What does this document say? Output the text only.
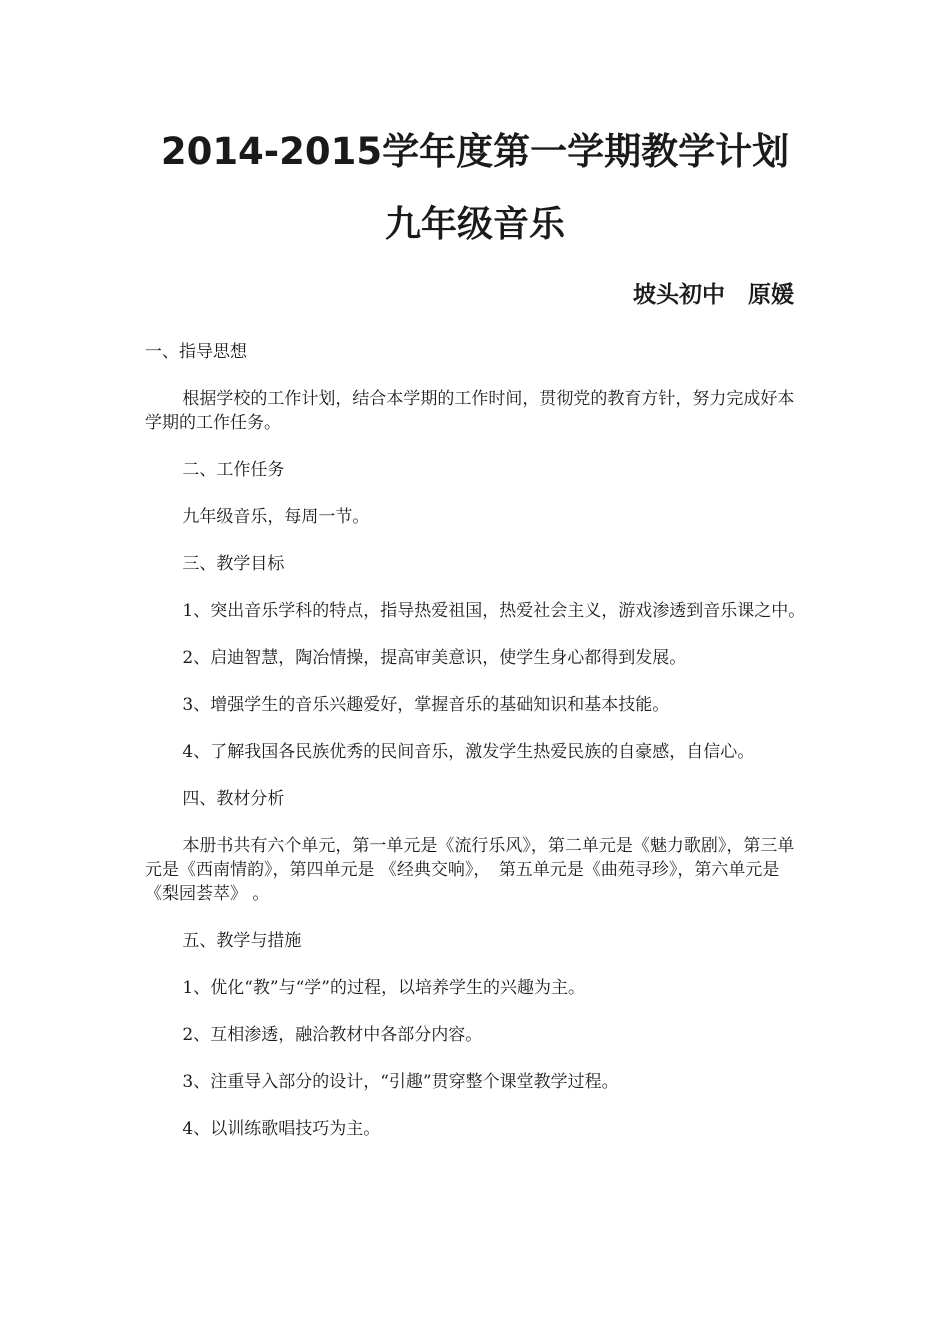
2014-2015学年度第一学期教学计划
九年级音乐
坡头初中　原媛

一、指导思想

根据学校的工作计划，结合本学期的工作时间，贯彻党的教育方针，努力完成好本学期的工作任务。

二、工作任务

九年级音乐，每周一节。

三、教学目标

1、突出音乐学科的特点，指导热爱祖国，热爱社会主义，游戏渗透到音乐课之中。

2、启迪智慧，陶冶情操，提高审美意识，使学生身心都得到发展。

3、增强学生的音乐兴趣爱好，掌握音乐的基础知识和基本技能。

4、了解我国各民族优秀的民间音乐，激发学生热爱民族的自豪感，自信心。

四、教材分析

本册书共有六个单元，第一单元是《流行乐风》，第二单元是《魅力歌剧》，第三单元是《西南情韵》，第四单元是 《经典交响》，　第五单元是《曲苑寻珍》，第六单元是《梨园荟萃》 。

五、教学与措施

1、优化“教”与“学”的过程，以培养学生的兴趣为主。

2、互相渗透，融洽教材中各部分内容。

3、注重导入部分的设计，“引趣”贯穿整个课堂教学过程。

4、以训练歌唱技巧为主。
